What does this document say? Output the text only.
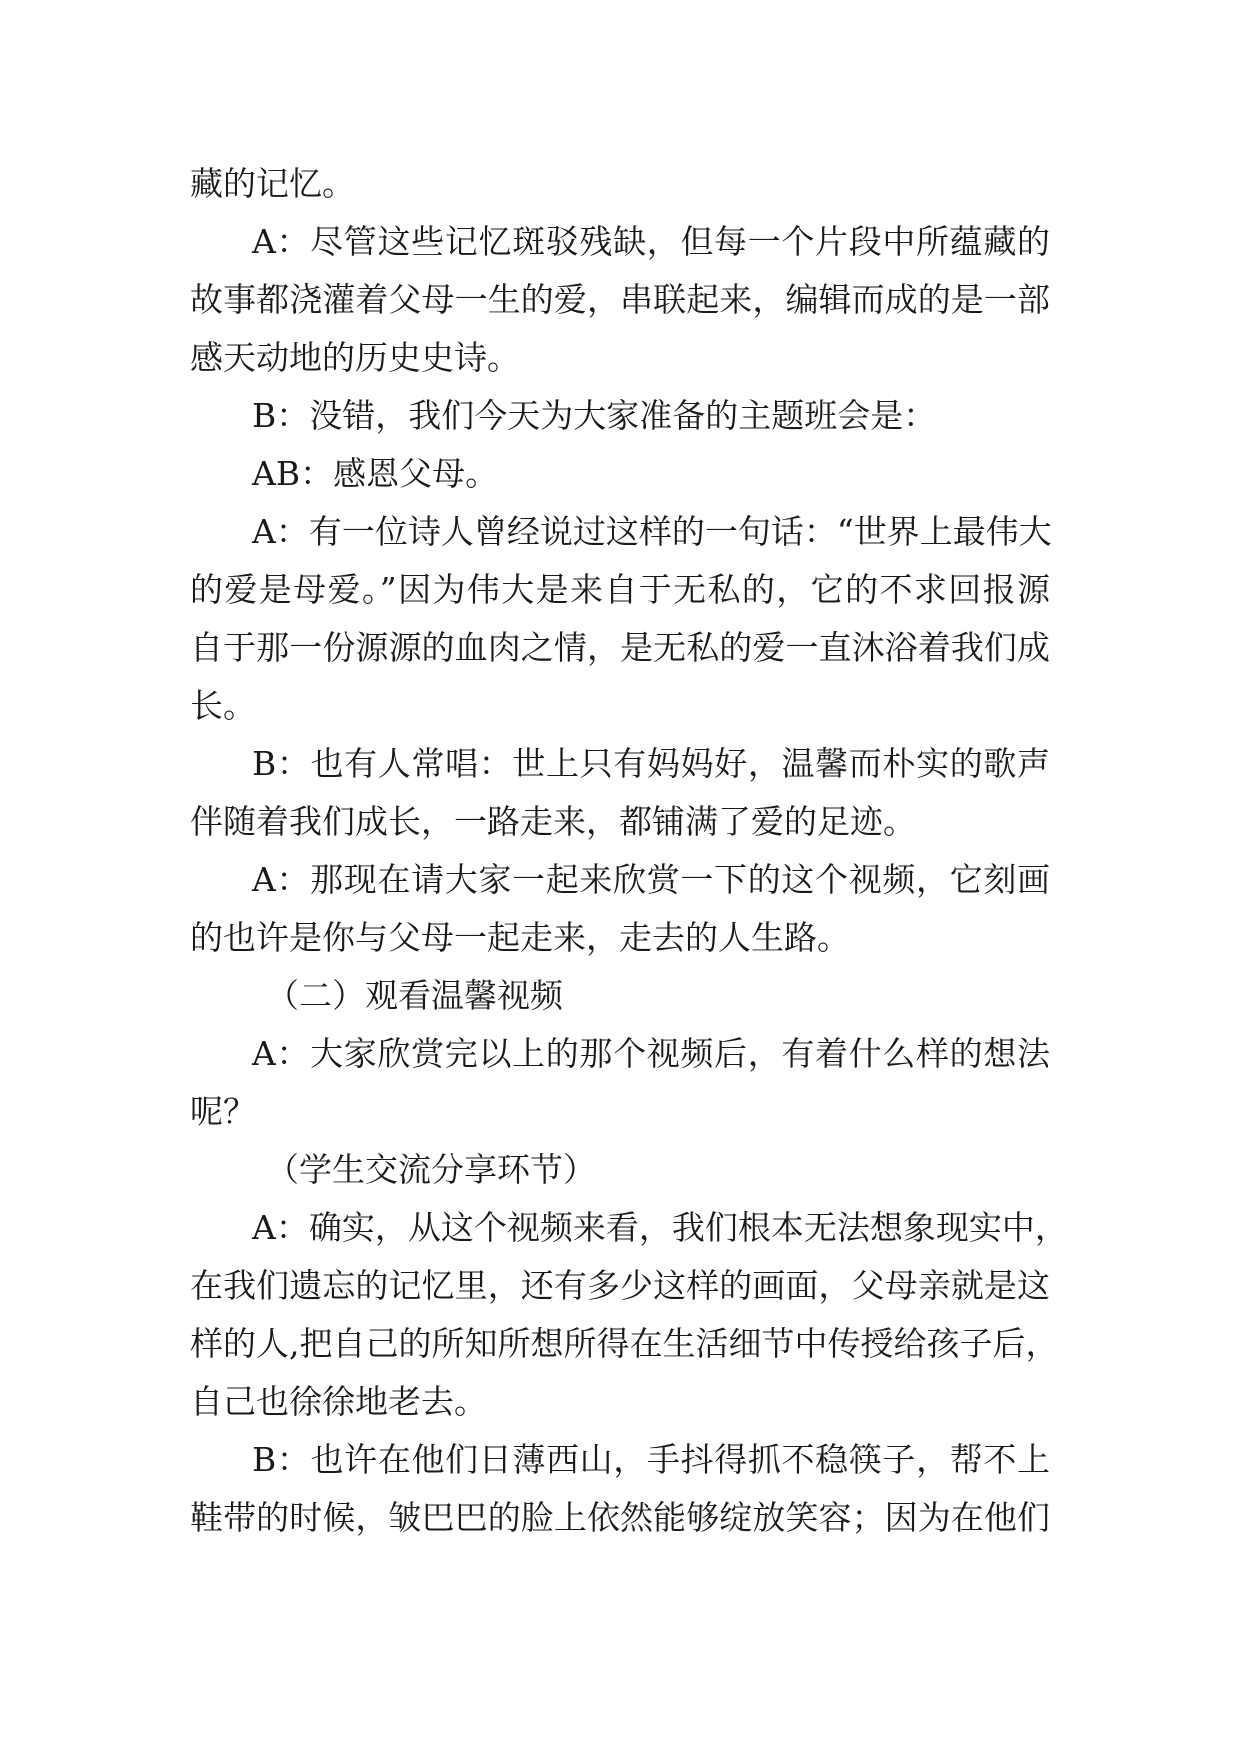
藏的记忆。
A：尽管这些记忆斑驳残缺，但每一个片段中所蕴藏的
故事都浇灌着父母一生的爱，串联起来，编辑而成的是一部
感天动地的历史史诗。
B：没错，我们今天为大家准备的主题班会是：
AB：感恩父母。
A：有一位诗人曾经说过这样的一句话：“世界上最伟大
的爱是母爱。”因为伟大是来自于无私的，它的不求回报源
自于那一份源源的血肉之情，是无私的爱一直沐浴着我们成
长。
B：也有人常唱：世上只有妈妈好，温馨而朴实的歌声
伴随着我们成长，一路走来，都铺满了爱的足迹。
A：那现在请大家一起来欣赏一下的这个视频，它刻画
的也许是你与父母一起走来，走去的人生路。
（二）观看温馨视频
A：大家欣赏完以上的那个视频后，有着什么样的想法
呢？
（学生交流分享环节）
A：确实，从这个视频来看，我们根本无法想象现实中，
在我们遗忘的记忆里，还有多少这样的画面，父母亲就是这
样的人,把自己的所知所想所得在生活细节中传授给孩子后，
自己也徐徐地老去。
B：也许在他们日薄西山，手抖得抓不稳筷子，帮不上
鞋带的时候，皱巴巴的脸上依然能够绽放笑容；因为在他们
